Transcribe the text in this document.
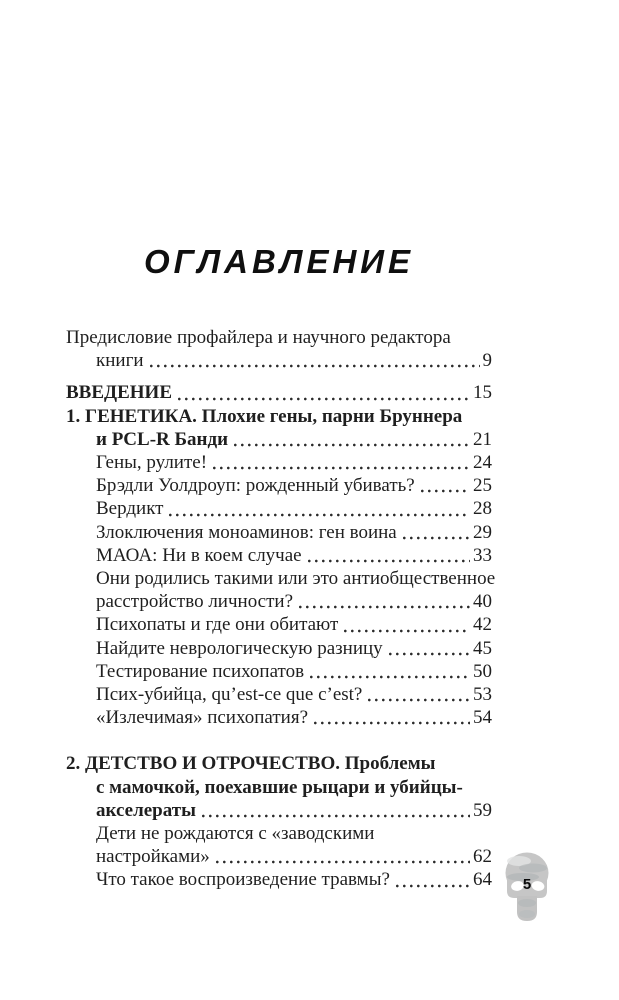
ОГЛАВЛЕНИЕ
Предисловие профайлера и научного редактора
книги	9
ВВЕДЕНИЕ	15
1. ГЕНЕТИКА. Плохие гены, парни Бруннера
и PCL-R Банди	21
Гены, рулите!	24
Брэдли Уолдроуп: рожденный убивать?	25
Вердикт	28
Злоключения моноаминов: ген воина	29
МАОА: Ни в коем случае	33
Они родились такими или это антиобщественное
расстройство личности?	40
Психопаты и где они обитают	42
Найдите неврологическую разницу	45
Тестирование психопатов	50
Псих-убийца, qu’est-ce que c’est?	53
«Излечимая» психопатия?	54
2. ДЕТСТВО И ОТРОЧЕСТВО. Проблемы
с мамочкой, поехавшие рыцари и убийцы-
акселераты	59
Дети не рождаются с «заводскими
настройками»	62
Что такое воспроизведение травмы?	64	5
